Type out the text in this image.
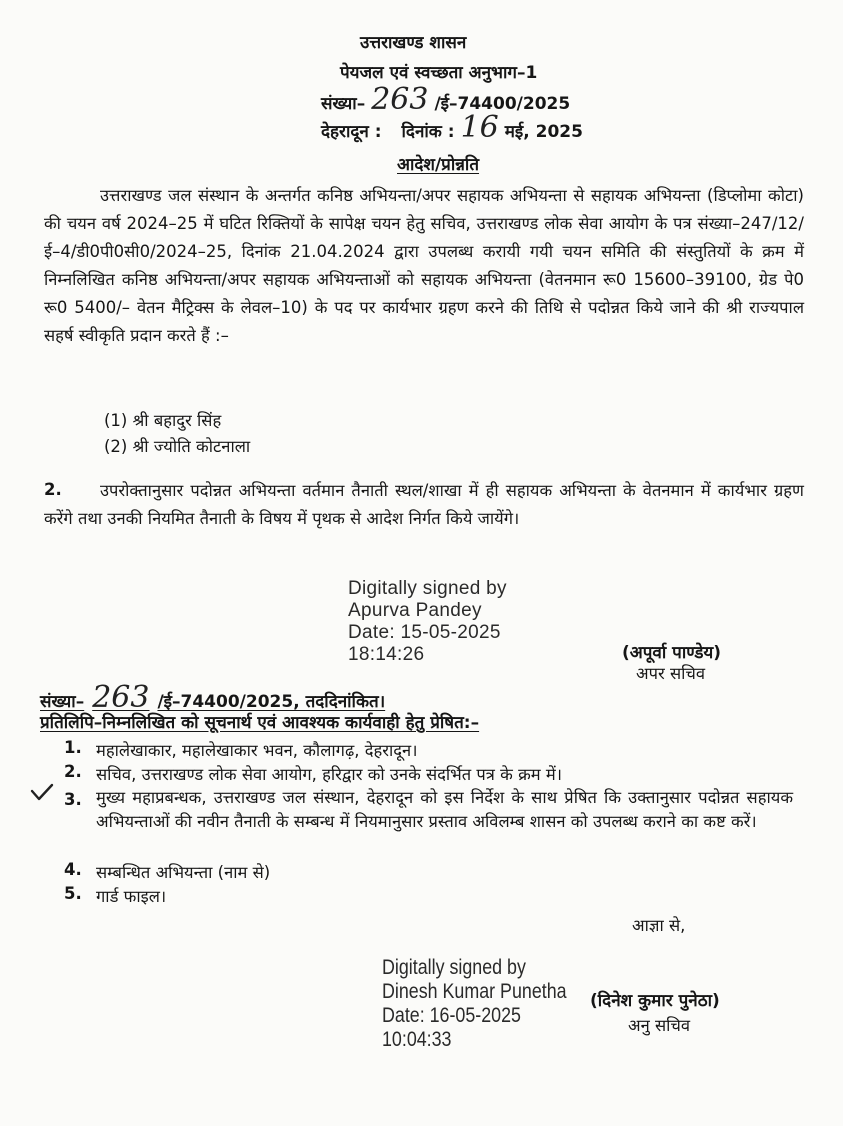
उत्तराखण्ड शासन
पेयजल एवं स्वच्छता अनुभाग–1
संख्या– 263 /ई–74400/2025
देहरादून : दिनांक : 16 मई, 2025
आदेश/प्रोन्नति
उत्तराखण्ड जल संस्थान के अन्तर्गत कनिष्ठ अभियन्ता/अपर सहायक अभियन्ता से सहायक अभियन्ता (डिप्लोमा कोटा) की चयन वर्ष 2024–25 में घटित रिक्तियों के सापेक्ष चयन हेतु सचिव, उत्तराखण्ड लोक सेवा आयोग के पत्र संख्या–247/12/ई–4/डी0पी0सी0/2024–25, दिनांक 21.04.2024 द्वारा उपलब्ध करायी गयी चयन समिति की संस्तुतियों के क्रम में निम्नलिखित कनिष्ठ अभियन्ता/अपर सहायक अभियन्ताओं को सहायक अभियन्ता (वेतनमान रू0 15600–39100, ग्रेड पे0 रू0 5400/– वेतन मैट्रिक्स के लेवल–10) के पद पर कार्यभार ग्रहण करने की तिथि से पदोन्नत किये जाने की श्री राज्यपाल सहर्ष स्वीकृति प्रदान करते हैं :–
(1) श्री बहादुर सिंह
(2) श्री ज्योति कोटनाला
2.	उपरोक्तानुसार पदोन्नत अभियन्ता वर्तमान तैनाती स्थल/शाखा में ही सहायक अभियन्ता के वेतनमान में कार्यभार ग्रहण करेंगे तथा उनकी नियमित तैनाती के विषय में पृथक से आदेश निर्गत किये जायेंगे।
Digitally signed by
Apurva Pandey
Date: 15-05-2025
18:14:26	(अपूर्वा पाण्डेय)
अपर सचिव
संख्या– 263 /ई–74400/2025, तददिनांकित।
प्रतिलिपि–निम्नलिखित को सूचनार्थ एवं आवश्यक कार्यवाही हेतु प्रेषित:–
1. महालेखाकार, महालेखाकार भवन, कौलागढ़, देहरादून।
2. सचिव, उत्तराखण्ड लोक सेवा आयोग, हरिद्वार को उनके संदर्भित पत्र के क्रम में।
3. मुख्य महाप्रबन्धक, उत्तराखण्ड जल संस्थान, देहरादून को इस निर्देश के साथ प्रेषित कि उक्तानुसार पदोन्नत सहायक अभियन्ताओं की नवीन तैनाती के सम्बन्ध में नियमानुसार प्रस्ताव अविलम्ब शासन को उपलब्ध कराने का कष्ट करें।
4. सम्बन्धित अभियन्ता (नाम से)
5. गार्ड फाइल।
आज्ञा से,
Digitally signed by
Dinesh Kumar Punetha
Date: 16-05-2025
10:04:33
(दिनेश कुमार पुनेठा)
अनु सचिव
